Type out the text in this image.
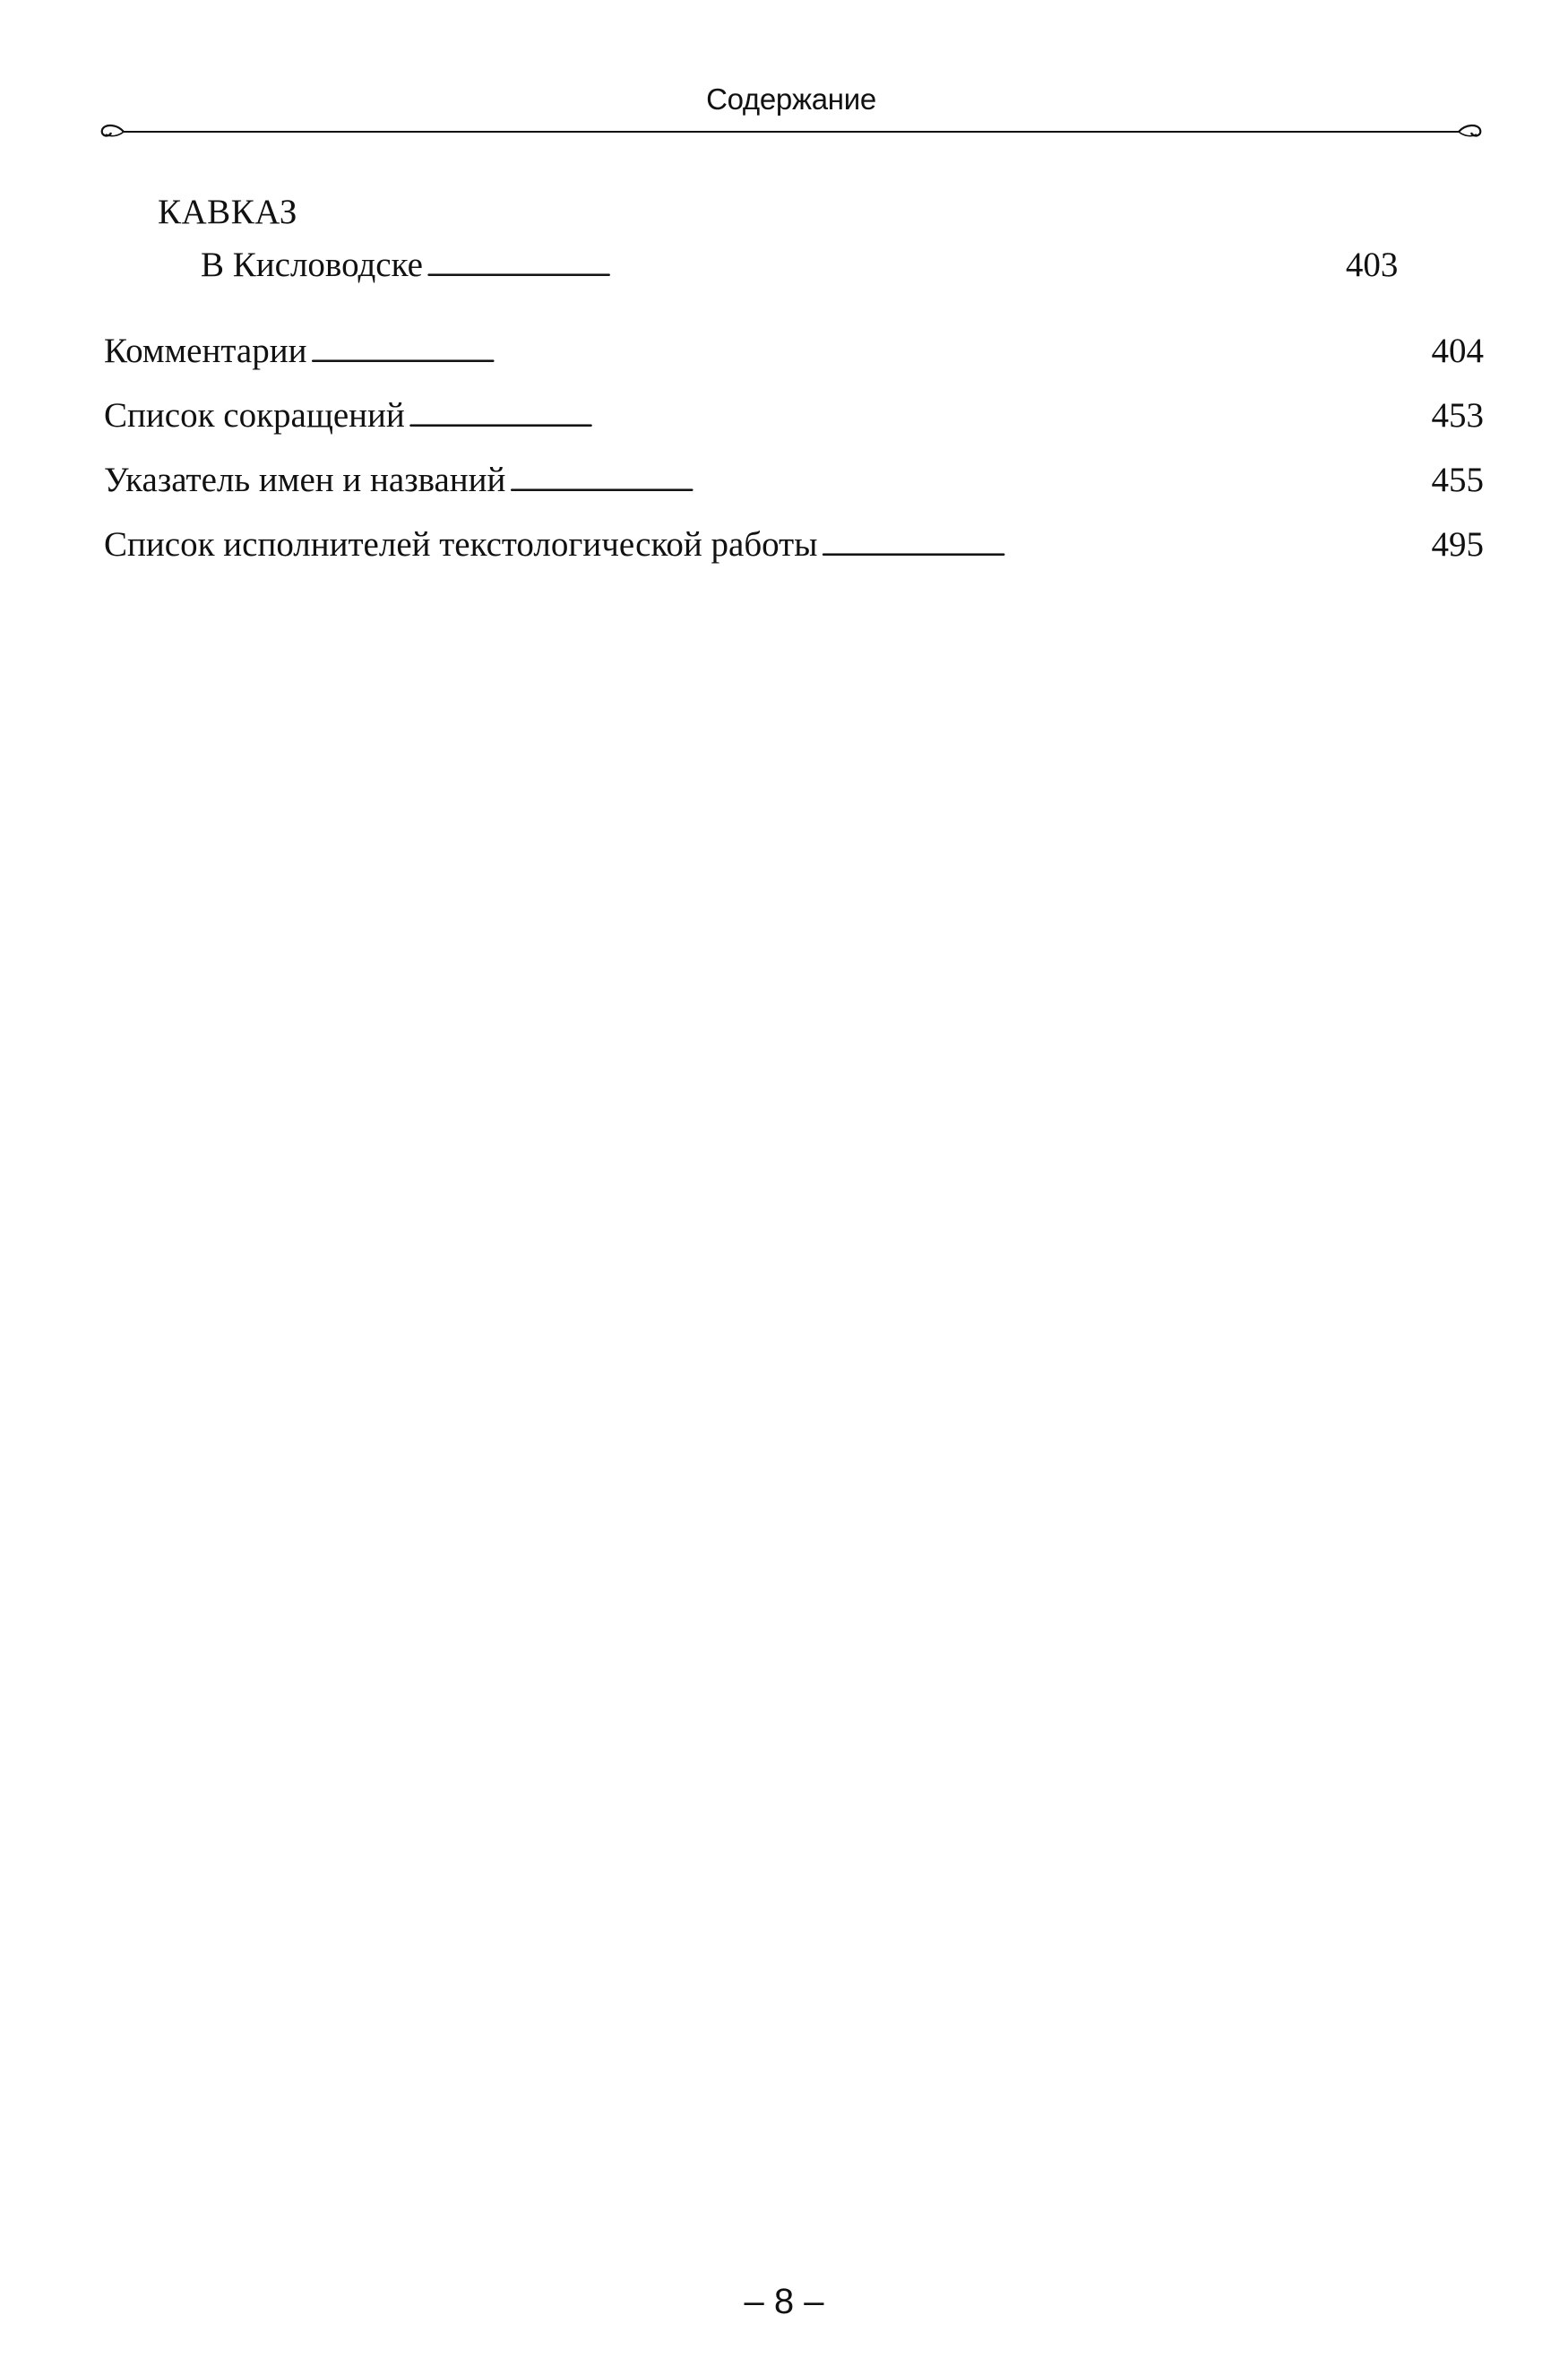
Содержание
КАВКАЗ
В Кисловодске . . .	403
Комментарии . . .	404
Список сокращений . . .	453
Указатель имен и названий . . .	455
Список исполнителей текстологической работы . . .	495
– 8 –
